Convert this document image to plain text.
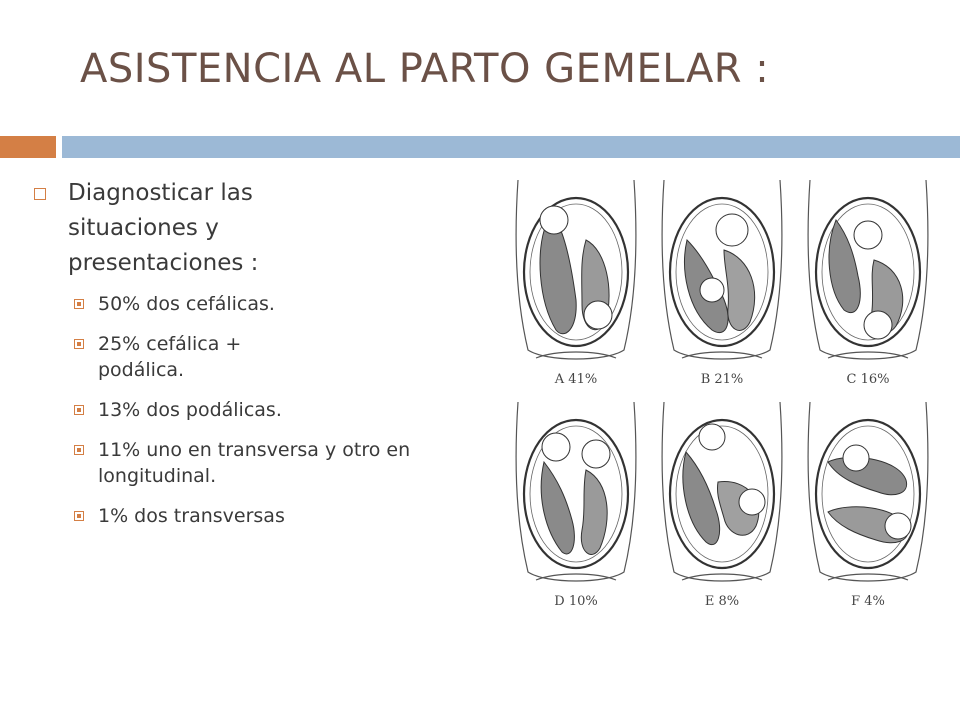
ASISTENCIA AL PARTO GEMELAR :
Diagnosticar las situaciones y presentaciones :
50% dos cefálicas.
25% cefálica + podálica.
13% dos podálicas.
11% uno en transversa y otro en longitudinal.
1% dos transversas
A 41%	B 21%	C 16%
D 10%	E 8%	F 4%
